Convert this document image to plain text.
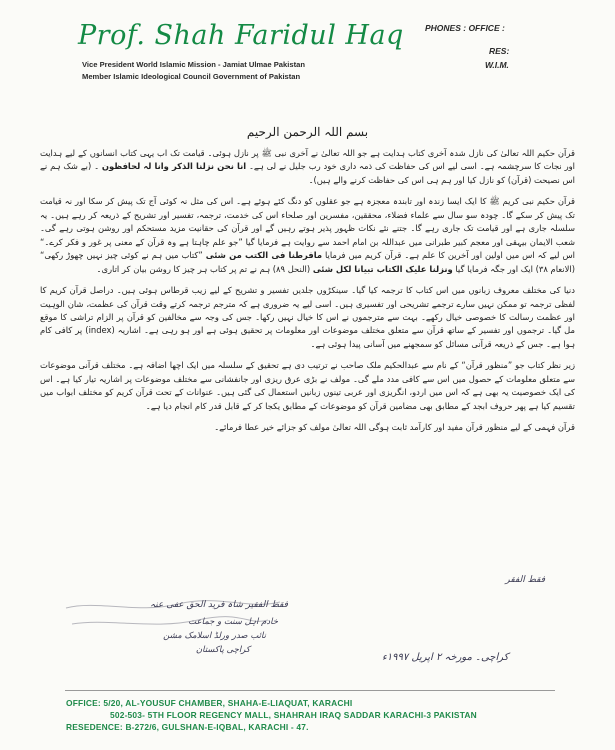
Prof. Shah Faridul Haq
Vice President World Islamic Mission - Jamiat Ulmae Pakistan
Member Islamic Ideological Council Government of Pakistan
PHONES : OFFICE :
RES:
W.I.M.
بسم اللہ الرحمن الرحیم

قرآن حکیم اللہ تعالیٰ کی نازل شدہ آخری کتاب ہدایت ہے جو اللہ تعالیٰ نے آخری نبی ﷺ پر نازل ہوئی۔ قیامت تک اب یہی کتاب انسانوں کے لیے ہدایت اور نجات کا سرچشمہ ہے۔ اسی لیے اس کی حفاظت کی ذمہ داری خود رب جلیل نے لی ہے۔ انا نحن نزلنا الذکر وانا لہ لحافظون ۔ (بے شک ہم نے اس نصیحت (قرآن) کو نازل کیا اور ہم ہی اس کی حفاظت کرنے والے ہیں)۔

قرآن حکیم نبی کریم ﷺ کا ایک ایسا زندہ اور تابندہ معجزہ ہے جو عقلوں کو دنگ کئے ہوئے ہے۔ اس کی مثل نہ کوئی آج تک پیش کر سکا اور نہ قیامت تک پیش کر سکے گا۔ چودہ سو سال سے علماء فضلاء، محققین، مفسرین اور صلحاء اس کی خدمت، ترجمہ، تفسیر اور تشریح کے ذریعہ کر رہے ہیں۔ یہ سلسلہ جاری ہے اور قیامت تک جاری رہے گا۔ جتنے نئے نکات ظہور پذیر ہوتے رہیں گے اور قرآن کی حقانیت مزید مستحکم اور روشن ہوتی رہے گی۔ شعب الایمان بیہقی اور معجم کبیر طبرانی میں عبداللہ بن امام احمد سے روایت ہے فرمایا گیا ”جو علم چاہتا ہے وہ قرآن کے معنی پر غور و فکر کرے۔“ اس لیے کہ اس میں اولین اور آخرین کا علم ہے۔ قرآن کریم میں فرمایا مافرطنا فی الکتب من شئی ”کتاب میں ہم نے کوئی چیز نہیں چھوڑ رکھی“ (الانعام ۳۸) ایک اور جگہ فرمایا گیا ونزلنا علیک الکتاب تبیانا لکل شئی (النحل ۸۹) ہم نے تم پر کتاب ہر چیز کا روشن بیان کر اتاری۔

دنیا کی مختلف معروف زبانوں میں اس کتاب کا ترجمہ کیا گیا۔ سینکڑوں جلدیں تفسیر و تشریح کے لیے زیب قرطاس ہوئی ہیں۔ دراصل قرآن کریم کا لفظی ترجمہ تو ممکن نہیں سارے ترجمے تشریحی اور تفسیری ہیں۔ اسی لیے یہ ضروری ہے کہ مترجم ترجمہ کرتے وقت قرآن کی عظمت، شان الوہیت اور عظمت رسالت کا خصوصی خیال رکھے۔ بہت سے مترجموں نے اس کا خیال نہیں رکھا۔ جس کی وجہ سے مخالفین کو قرآن پر الزام تراشی کا موقع مل گیا۔ ترجموں اور تفسیر کے ساتھ قرآن سے متعلق مختلف موضوعات اور معلومات پر تحقیق ہوئی ہے اور ہو رہی ہے۔ اشاریہ (index) پر کافی کام ہوا ہے۔ جس کے ذریعہ قرآنی مسائل کو سمجھنے میں آسانی پیدا ہوئی ہے۔

زیر نظر کتاب جو ”منظور قرآن“ کے نام سے عبدالحکیم ملک صاحب نے ترتیب دی ہے تحقیق کے سلسلہ میں ایک اچھا اضافہ ہے۔ مختلف قرآنی موضوعات سے متعلق معلومات کے حصول میں اس سے کافی مدد ملے گی۔ مولف نے بڑی عرق ریزی اور جانفشانی سے مختلف موضوعات پر اشاریہ تیار کیا ہے۔ اس کی ایک خصوصیت یہ بھی ہے کہ اس میں اردو، انگریزی اور عربی تینوں زبانیں استعمال کی گئی ہیں۔ عنوانات کے تحت قرآن کریم کو مختلف ابواب میں تقسیم کیا ہے پھر حروف ابجد کے مطابق بھی مضامین قرآن کو موضوعات کے مطابق یکجا کر کے قابل قدر کام انجام دیا ہے۔

قرآن فہمی کے لیے منظور قرآن مفید اور کارآمد ثابت ہوگی اللہ تعالیٰ مولف کو جزائے خیر عطا فرمائے۔

فقط الفقر
فقط الفقیر شاہ فرید الحق عفی عنہ
خادم اہل سنت و جماعت
نائب صدر ورلڈ اسلامک مشن
کراچی پاکستان
کراچی۔ مورخہ ۲ اپریل ۱۹۹۷ء
OFFICE: 5/20, AL-YOUSUF CHAMBER, SHAHA-E-LIAQUAT, KARACHI
502-503- 5TH FLOOR REGENCY MALL, SHAHRAH IRAQ SADDAR KARACHI-3 PAKISTAN
RESEDENCE: B-272/6, GULSHAN-E-IQBAL, KARACHI - 47.
